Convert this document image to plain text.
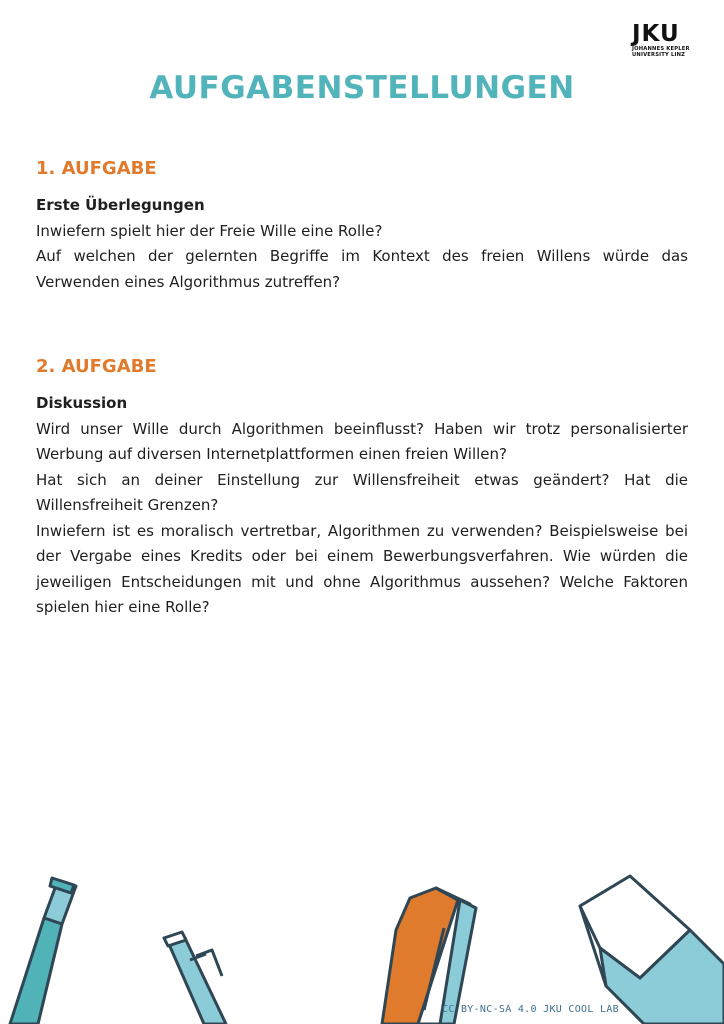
JKU
JOHANNES KEPLER
UNIVERSITY LINZ
AUFGABENSTELLUNGEN
1. AUFGABE
Erste Überlegungen

Inwiefern spielt hier der Freie Wille eine Rolle?

Auf welchen der gelernten Begriffe im Kontext des freien Willens würde das Verwenden eines Algorithmus zutreffen?

2. AUFGABE
Diskussion

Wird unser Wille durch Algorithmen beeinflusst? Haben wir trotz personalisierter Werbung auf diversen Internetplattformen einen freien Willen?

Hat sich an deiner Einstellung zur Willensfreiheit etwas geändert? Hat die Willensfreiheit Grenzen?

Inwiefern ist es moralisch vertretbar, Algorithmen zu verwenden? Beispielsweise bei der Vergabe eines Kredits oder bei einem Bewerbungsverfahren. Wie würden die jeweiligen Entscheidungen mit und ohne Algorithmus aussehen? Welche Faktoren spielen hier eine Rolle?

CC BY-NC-SA 4.0 JKU COOL LAB
